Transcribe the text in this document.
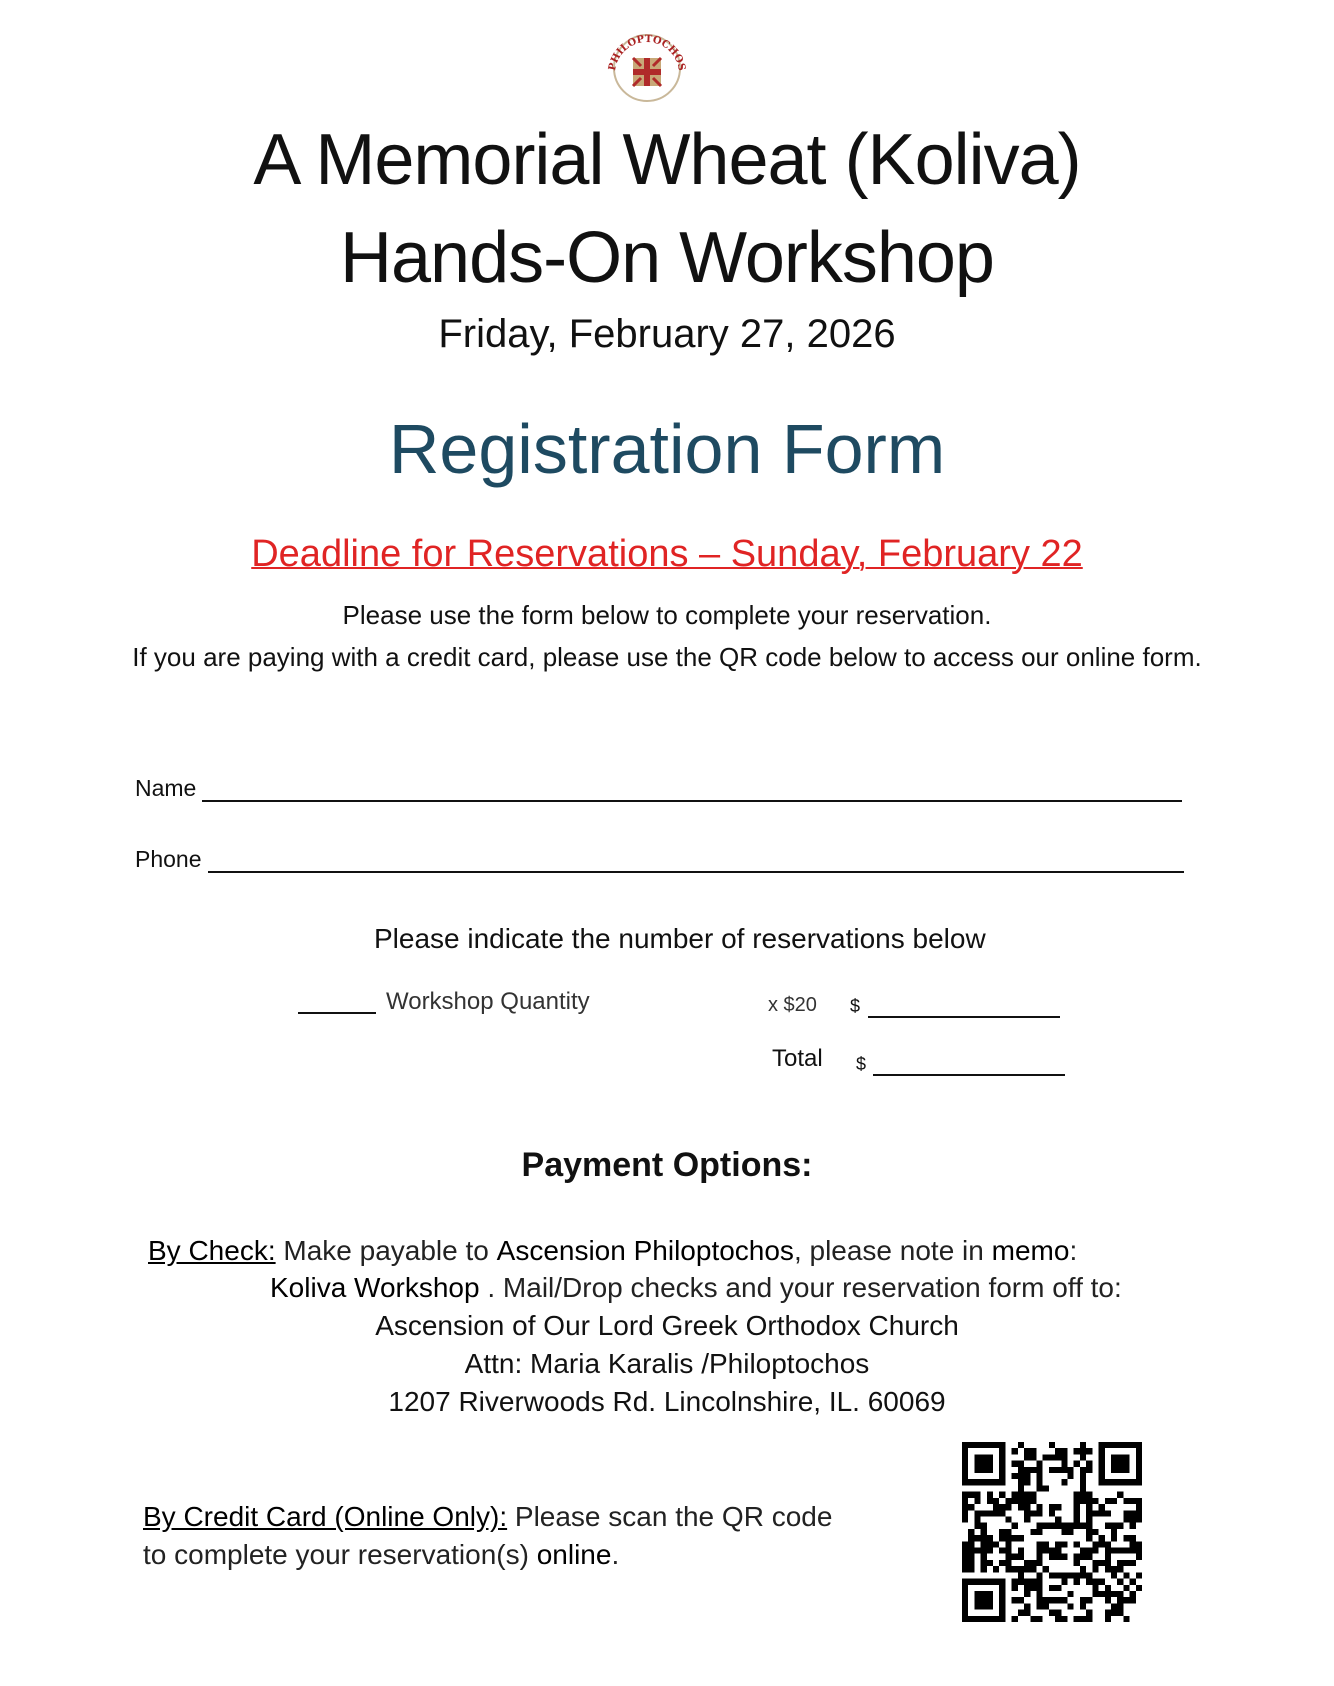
PHILOPTOCHOS
A Memorial Wheat (Koliva)
Hands-On Workshop
Friday, February 27, 2026
Registration Form
Deadline for Reservations – Sunday, February 22
Please use the form below to complete your reservation.
If you are paying with a credit card, please use the QR code below to access our online form.
Name
Phone
Please indicate the number of reservations below
Workshop Quantity	x $20 $
Total $
Payment Options:
By Check: Make payable to Ascension Philoptochos, please note in memo:
Koliva Workshop . Mail/Drop checks and your reservation form off to:
Ascension of Our Lord Greek Orthodox Church
Attn: Maria Karalis /Philoptochos
1207 Riverwoods Rd. Lincolnshire, IL. 60069
By Credit Card (Online Only): Please scan the QR code
to complete your reservation(s) online.
